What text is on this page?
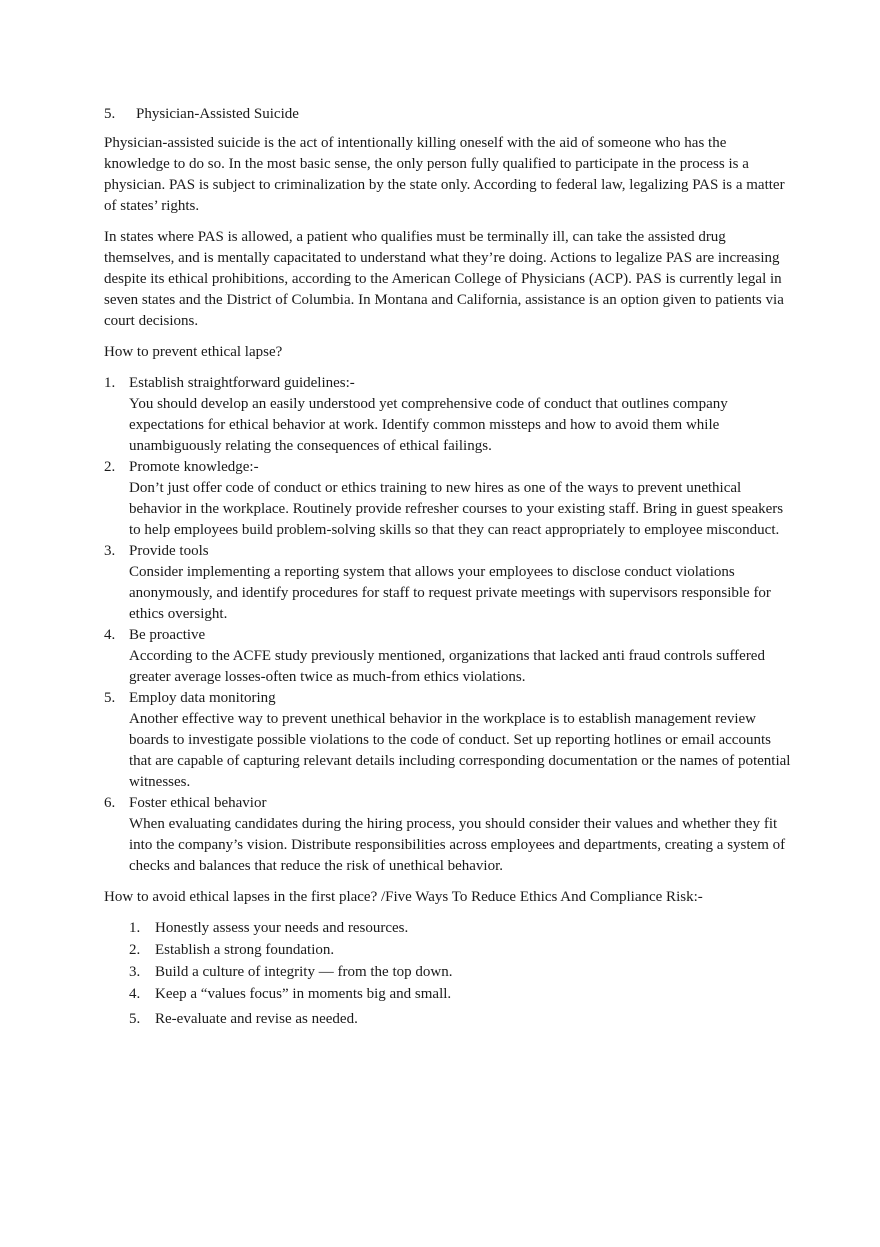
5.	Physician-Assisted Suicide

Physician-assisted suicide is the act of intentionally killing oneself with the aid of someone who has the knowledge to do so. In the most basic sense, the only person fully qualified to participate in the process is a physician. PAS is subject to criminalization by the state only. According to federal law, legalizing PAS is a matter of states’ rights.

In states where PAS is allowed, a patient who qualifies must be terminally ill, can take the assisted drug themselves, and is mentally capacitated to understand what they’re doing. Actions to legalize PAS are increasing despite its ethical prohibitions, according to the American College of Physicians (ACP). PAS is currently legal in seven states and the District of Columbia. In Montana and California, assistance is an option given to patients via court decisions.

How to prevent ethical lapse?
1. Establish straightforward guidelines:-
You should develop an easily understood yet comprehensive code of conduct that outlines company expectations for ethical behavior at work. Identify common missteps and how to avoid them while unambiguously relating the consequences of ethical failings.
2. Promote knowledge:-
Don’t just offer code of conduct or ethics training to new hires as one of the ways to prevent unethical behavior in the workplace. Routinely provide refresher courses to your existing staff. Bring in guest speakers to help employees build problem-solving skills so that they can react appropriately to employee misconduct.
3. Provide tools
Consider implementing a reporting system that allows your employees to disclose conduct violations anonymously, and identify procedures for staff to request private meetings with supervisors responsible for ethics oversight.
4. Be proactive
According to the ACFE study previously mentioned, organizations that lacked anti fraud controls suffered greater average losses-often twice as much-from ethics violations.
5. Employ data monitoring
Another effective way to prevent unethical behavior in the workplace is to establish management review boards to investigate possible violations to the code of conduct. Set up reporting hotlines or email accounts that are capable of capturing relevant details including corresponding documentation or the names of potential witnesses.
6. Foster ethical behavior
When evaluating candidates during the hiring process, you should consider their values and whether they fit into the company’s vision. Distribute responsibilities across employees and departments, creating a system of checks and balances that reduce the risk of unethical behavior.
How to avoid ethical lapses in the first place? /Five Ways To Reduce Ethics And Compliance Risk:-
1. Honestly assess your needs and resources.
2. Establish a strong foundation.
3. Build a culture of integrity — from the top down.
4. Keep a “values focus” in moments big and small.
5. Re-evaluate and revise as needed.
